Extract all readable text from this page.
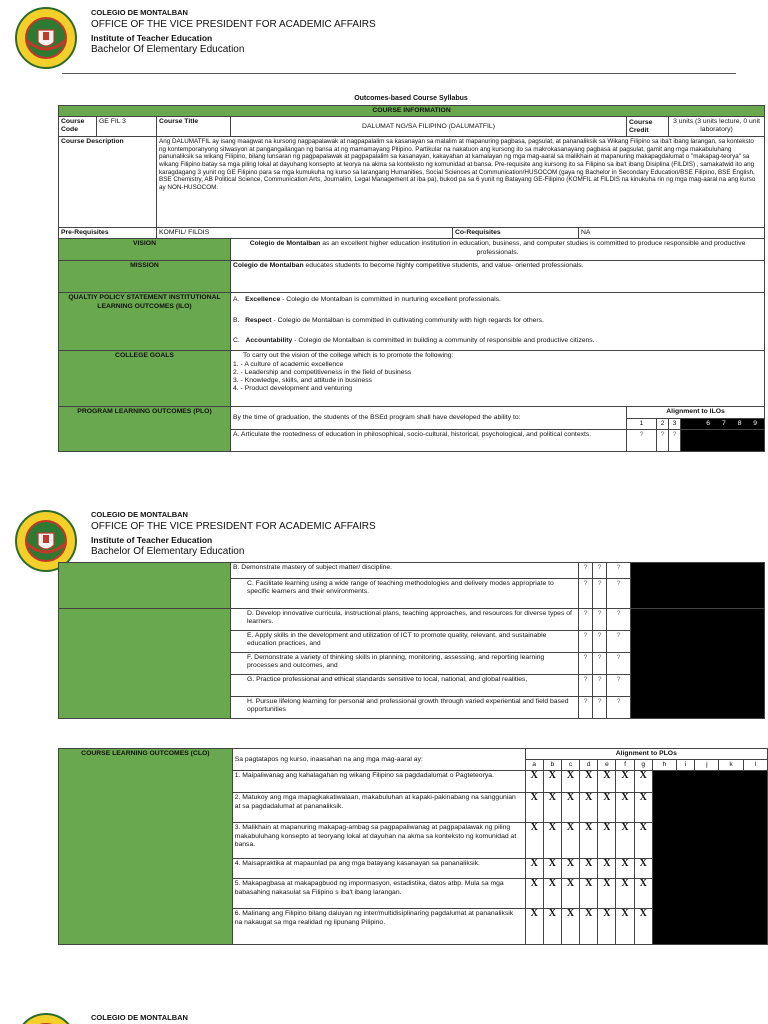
COLEGIO DE MONTALBAN
OFFICE OF THE VICE PRESIDENT FOR ACADEMIC AFFAIRS
Institute of Teacher Education
Bachelor Of Elementary Education
Outcomes-based Course Syllabus
COURSE INFORMATION									
Course Code	GE FIL 3	Course Title	DALUMAT NG/SA FILIPINO (DALUMATFIL)			Course Credit		3 units (3 units lecture, 0 unit laboratory)	
Course Description		Ang DALUMATFIL ay isang maagwat na kursong nagpapalawak at nagpapalalim sa kasanayan sa malalim at mapanuring pagbasa, pagsulat, at pananaliksik sa Wikang Filipino sa iba't ibang larangan, sa konteksto ng kontemporanyong sitwasyon at pangangailangan ng bansa at ng mamamayang Pilipino. Partikular na nakatuon ang kursong ito sa makrokasanayang pagbasa at pagsulat, gamit ang mga makabuluhang panunaliksik sa wikang Filipino, bilang lunsaran ng pagpapalawak at pagpapalalim sa kasanayan, kakayahan at kamalayan ng mga mag-aaral sa malikhain at mapanuring makapagdalumat o "makapag-teorya" sa wikang Filipino batay sa mga piling lokal at dayuhang konsepto at teorya na akma sa konteksto ng komunidad at bansa. Pre-requisite ang kursong ito sa Filipino sa iba't ibang Disiplina (FILDIS) , samakatwid ito ang karagdagang 3 yunit ng GE Filipino para sa mga kumukuha ng kurso sa larangang Humanities, Social Sciences at Communication/HUSOCOM (gaya ng Bachelor in Secondary Education/BSE Filipino, BSE English, BSE Chemistry, AB Political Science, Communication Arts, Journalim, Legal Management at iba pa), bukod pa sa 6 yunit ng Batayang GE-Filipino (KOMFIL at FILDIS na kinukuha rin ng mga mag-aaral na ang kurso ay NON-HUSOCOM.							
Pre-Requisites		KOMFIL/ FILDIS		Co-Requisites	NA				
VISION			Colegio de Montalban as an excellent higher education institution in education, business, and computer studies is committed to produce responsible and productive professionals.						
MISSION			Colegio de Montalban educates students to become highly competitive students, and value- oriented professionals.						
QUALTIY POLICY STATEMENT INSTITUTIONAL LEARNING OUTCOMES (ILO)			A. Excellence - Colegio de Montalban is committed in nurturing excellent professionals.
B. Respect - Colegio de Montalban is committed in cultivating community with high regards for others.
C. Accountability - Colegio de Montalban is committed in building a community of responsible and productive citizens.						

COLLEGE GOALS			To carry out the vision of the college which is to promote the following:
1. - A culture of academic excellence
2. - Leadership and competitiveness in the field of business
3. - Knowledge, skills, and attitude in business
4. - Product development and venturing						

PROGRAM LEARNING OUTCOMES (PLO)			By the time of graduation, the students of the BSEd program shall have developed the ability to:			Alignment to ILOs			
						1	2	3	6 7 8 9
			A. Articulate the rootedness of education in philosophical, socio-cultural, historical, psychological, and political contexts.			?	?	?	
COLEGIO DE MONTALBAN
OFFICE OF THE VICE PRESIDENT FOR ACADEMIC AFFAIRS
Institute of Teacher Education
Bachelor Of Elementary Education
	B. Demonstrate mastery of subject matter/ discipline.	?	?	?	
	C. Facilitate learning using a wide range of teaching methodologies and delivery modes appropriate to specific learners and their environments.	?	?	?	
	D. Develop innovative curricula, instructional plans, teaching approaches, and resources for diverse types of learners.	?	?	?	
	E. Apply skills in the development and utilization of ICT to promote quality, relevant, and sustainable education practices, and	?	?	?	
	F. Demonstrate a variety of thinking skills in planning, monitoring, assessing, and reporting learning processes and outcomes, and	?	?	?	
	G. Practice professional and ethical standards sensitive to local, national, and global realities,	?	?	?	
	H. Pursue lifelong learning for personal and professional growth through varied experiential and field based opportunities	?	?	?	
COURSE LEARNING OUTCOMES (CLO)	Sa pagtatapos ng kurso, inaasahan na ang mga mag-aaral ay:	Alignment to PLOs											
		a	b	c	d	e	f	g	h	i	j	k	l
	1. Maipaliwanag ang kahalagahan ng wikang Filipino sa pagdadalumat o Pagteteorya.	X	X	X	X	X	X	X					
	2. Matukoy ang mga mapagkakatiwalaan, makabuluhan at kapaki-pakinabang na sanggunian at sa pagdadalumat at pananaliksik.	X	X	X	X	X	X	X					
	3. Malikhain at mapanuring makapag-ambag sa pagpapaliwanag at pagpapalawak ng piling makabuluhang konsepto at teoryang lokal at dayuhan na akma sa konteksto ng komunidad at bansa.	X	X	X	X	X	X	X					
	4. Maisapraktika at mapaunlad pa ang mga batayang kasanayan sa pananaliksik.	X	X	X	X	X	X	X					
	5. Makapagbasa at makapagbuod ng impormasyon, estadistika, datos atbp. Mula sa mga babasahing nakasulat sa Filipino s iba't ibang larangan.	X	X	X	X	X	X	X					
	6. Malinang ang Filipino bilang daluyan ng inter/multidisiplinaring pagdalumat at pananaliksik na nakaugat sa mga realidad ng lipunang Pilipino.	X	X	X	X	X	X	X					
COLEGIO DE MONTALBAN
